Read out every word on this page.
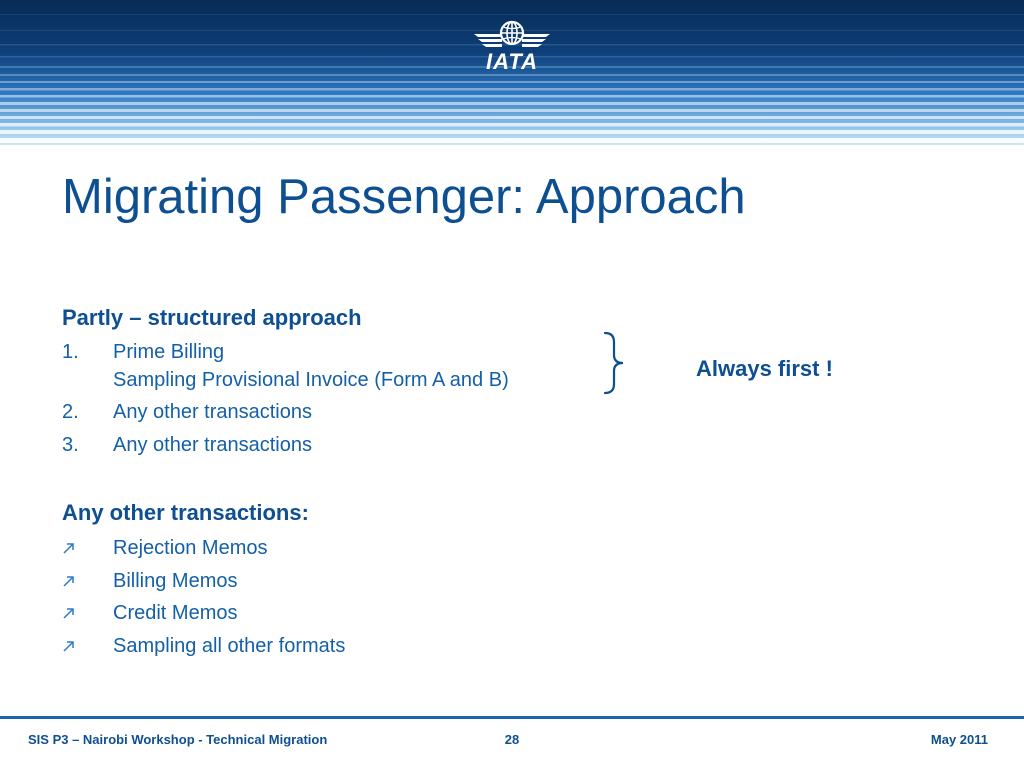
IATA
Migrating Passenger: Approach
Partly – structured approach
1.	Prime Billing
Sampling Provisional Invoice (Form A and B)
2.	Any other transactions
3.	Any other transactions
Always first !
Any other transactions:
Rejection Memos
Billing Memos
Credit Memos
Sampling all other formats
SIS P3 – Nairobi Workshop - Technical Migration	28	May 2011
